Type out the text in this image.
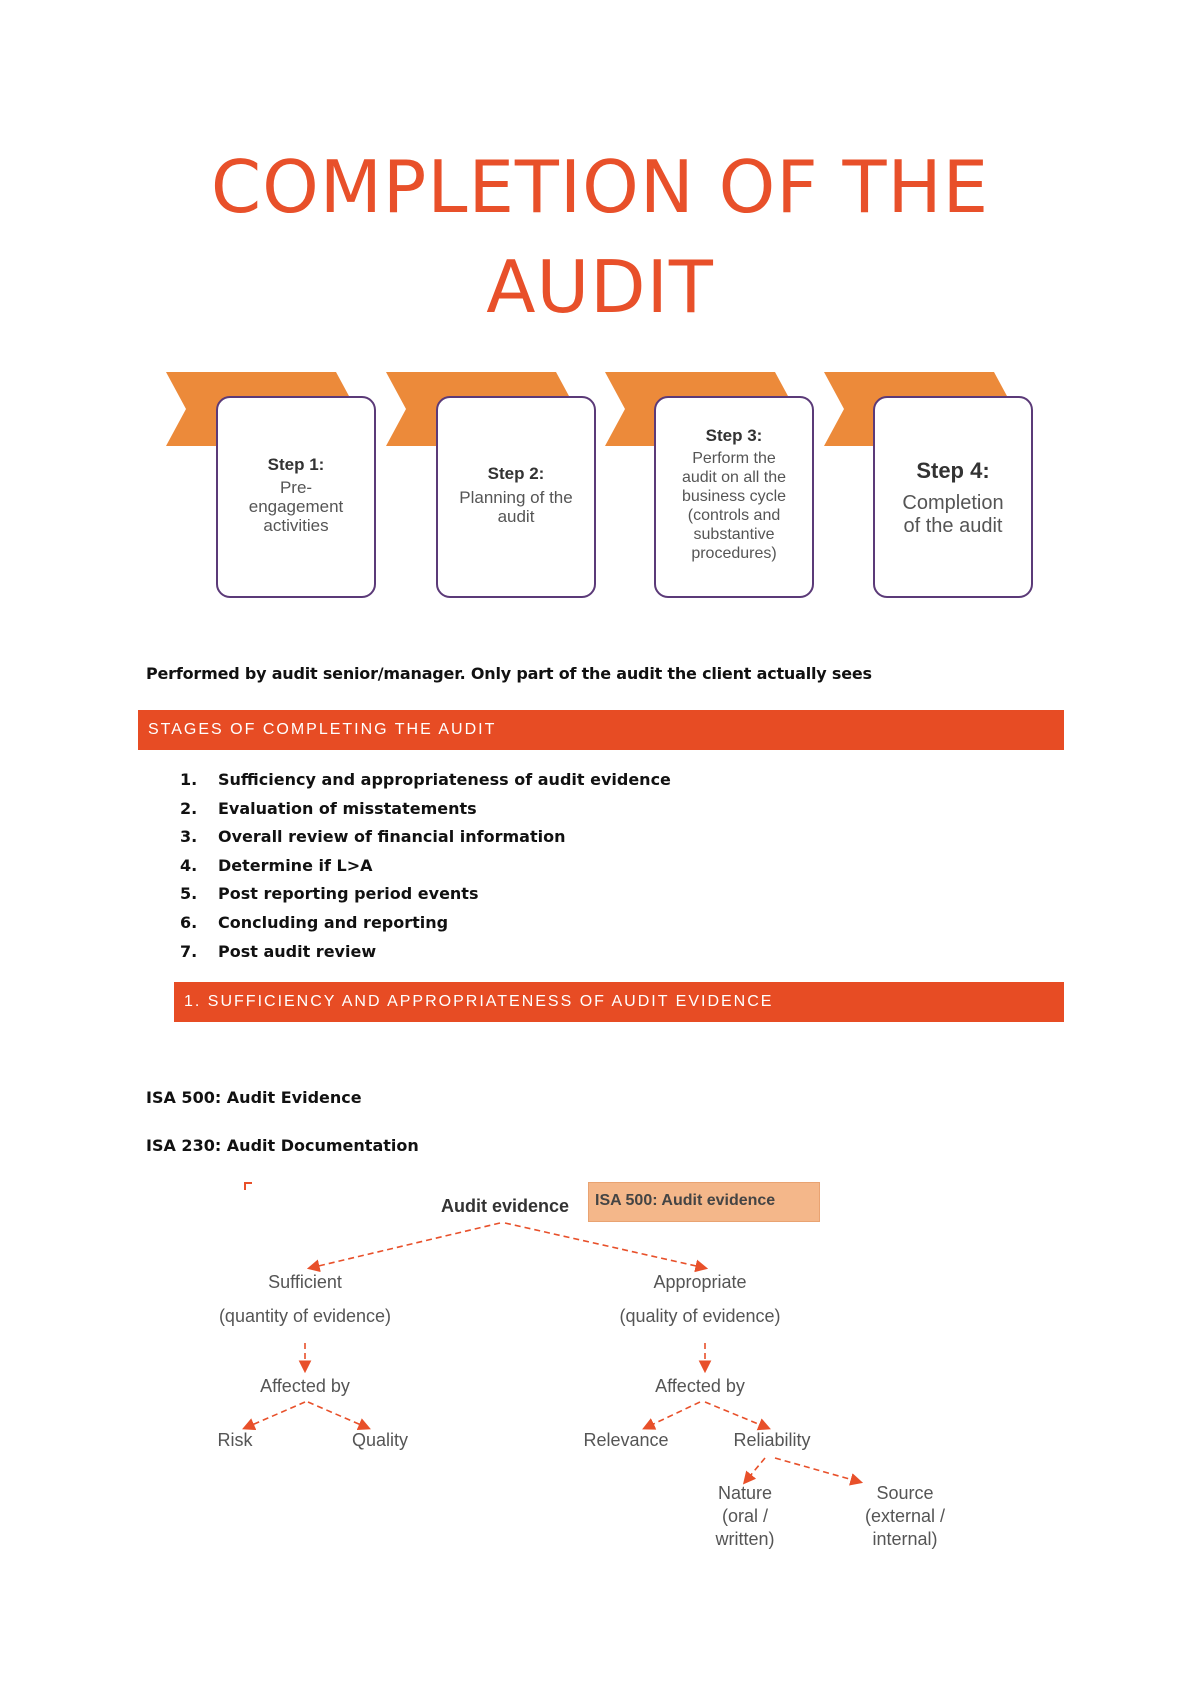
COMPLETION OF THE
AUDIT
Step 1:
Pre-
engagement
activities
Step 2:
Planning of the
audit
Step 3:
Perform the
audit on all the
business cycle
(controls and
substantive
procedures)
Step 4:
Completion
of the audit
Performed by audit senior/manager. Only part of the audit the client actually sees
STAGES OF COMPLETING THE AUDIT
1. Sufficiency and appropriateness of audit evidence
2. Evaluation of misstatements
3. Overall review of financial information
4. Determine if L>A
5. Post reporting period events
6. Concluding and reporting
7. Post audit review
1. SUFFICIENCY AND APPROPRIATENESS OF AUDIT EVIDENCE
ISA 500: Audit Evidence
ISA 230: Audit Documentation
ISA 500: Audit evidence
Audit evidence
Sufficient
(quantity of evidence)
Appropriate
(quality of evidence)
Affected by	Affected by
Risk	Quality	Relevance	Reliability
Nature
(oral /
written)
Source
(external /
internal)
